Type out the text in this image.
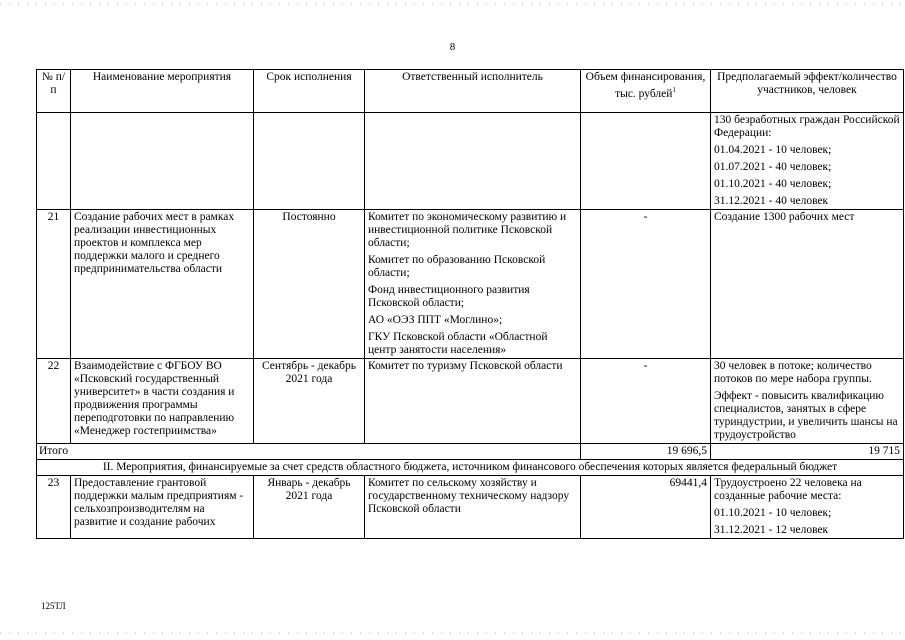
8
№ п/п	Наименование мероприятия	Срок исполнения	Ответственный исполнитель	Объем финансирования, тыс. рублей$^1$	Предполагаемый эффект/количество участников, человек

					130 безработных граждан Российской Федерации:
01.04.2021 - 10 человек;
01.07.2021 - 40 человек;
01.10.2021 - 40 человек;
31.12.2021 - 40 человек

21	Создание рабочих мест в рамках реализации инвестиционных проектов и комплекса мер поддержки малого и среднего предпринимательства области	Постоянно	Комитет по экономическому развитию и инвестиционной политике Псковской области;
Комитет по образованию Псковской области;
Фонд инвестиционного развития Псковской области;
АО «ОЭЗ ППТ «Моглино»;
ГКУ Псковской области «Областной центр занятости населения»	-	Создание 1300 рабочих мест
22	Взаимодействие с ФГБОУ ВО «Псковский государственный университет» в части создания и продвижения программы переподготовки по направлению «Менеджер гостеприимства»	Сентябрь - декабрь 2021 года	Комитет по туризму Псковской области	-	30 человек в потоке; количество потоков по мере набора группы.
Эффект - повысить квалификацию специалистов, занятых в сфере туриндустрии, и увеличить шансы на трудоустройство

Итого				19 696,5	19 715
II. Мероприятия, финансируемые за счет средств областного бюджета, источником финансового обеспечения которых является федеральный бюджет					
23	Предоставление грантовой поддержки малым предприятиям - сельхозпроизводителям на развитие и создание рабочих	Январь - декабрь 2021 года	Комитет по сельскому хозяйству и государственному техническому надзору Псковской области	69441,4	Трудоустроено 22 человека на созданные рабочие места:
01.10.2021 - 10 человек;
31.12.2021 - 12 человек
125ТЛ
